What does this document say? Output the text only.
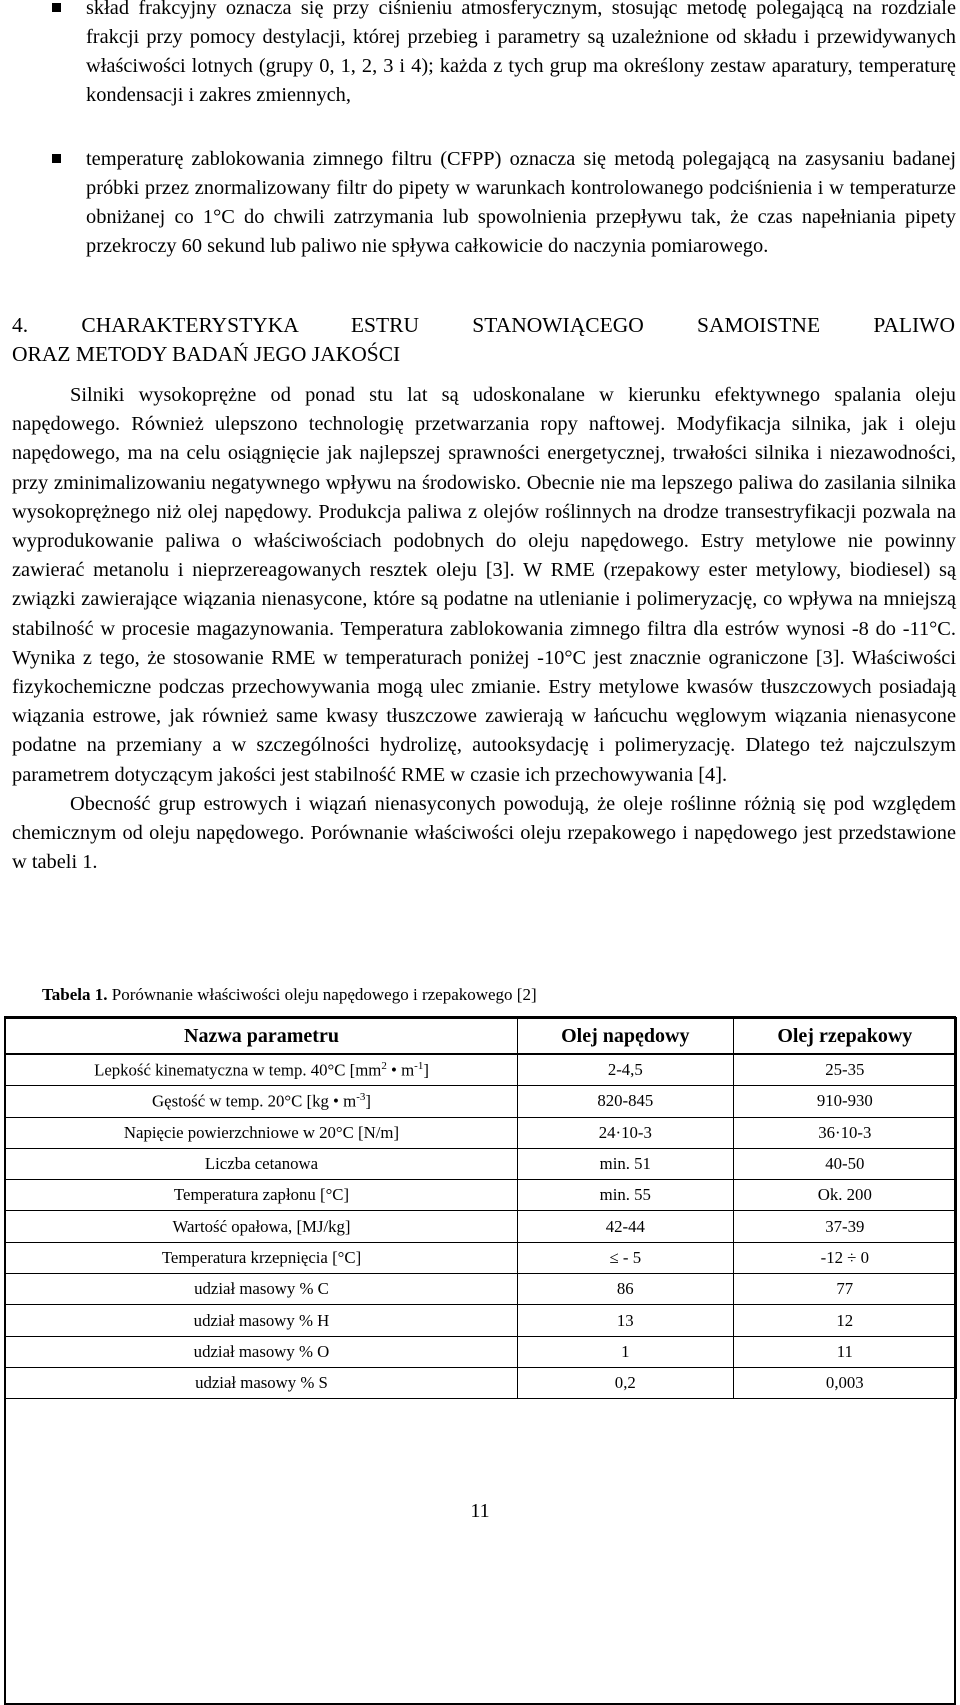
skład frakcyjny oznacza się przy ciśnieniu atmosferycznym, stosując metodę polegającą na rozdziale frakcji przy pomocy destylacji, której przebieg i parametry są uzależnione od składu i przewidywanych właściwości lotnych (grupy 0, 1, 2, 3 i 4); każda z tych grup ma określony zestaw aparatury, temperaturę kondensacji i zakres zmiennych,
temperaturę zablokowania zimnego filtru (CFPP) oznacza się metodą polegającą na zasysaniu badanej próbki przez znormalizowany filtr do pipety w warunkach kontrolowanego podciśnienia i w temperaturze obniżanej co 1°C do chwili zatrzymania lub spowolnienia przepływu tak, że czas napełniania pipety przekroczy 60 sekund lub paliwo nie spływa całkowicie do naczynia pomiarowego.
4. CHARAKTERYSTYKA ESTRU STANOWIĄCEGO SAMOISTNE PALIWO
ORAZ METODY BADAŃ JEGO JAKOŚCI

Silniki wysokoprężne od ponad stu lat są udoskonalane w kierunku efektywnego spalania oleju napędowego. Również ulepszono technologię przetwarzania ropy naftowej. Modyfikacja silnika, jak i oleju napędowego, ma na celu osiągnięcie jak najlepszej sprawności energetycznej, trwałości silnika i niezawodności, przy zminimalizowaniu negatywnego wpływu na środowisko. Obecnie nie ma lepszego paliwa do zasilania silnika wysokoprężnego niż olej napędowy. Produkcja paliwa z olejów roślinnych na drodze transestryfikacji pozwala na wyprodukowanie paliwa o właściwościach podobnych do oleju napędowego. Estry metylowe nie powinny zawierać metanolu i nieprzereagowanych resztek oleju [3]. W RME (rzepakowy ester metylowy, biodiesel) są związki zawierające wiązania nienasycone, które są podatne na utlenianie i polimeryzację, co wpływa na mniejszą stabilność w procesie magazynowania. Temperatura zablokowania zimnego filtra dla estrów wynosi -8 do -11°C. Wynika z tego, że stosowanie RME w temperaturach poniżej -10°C jest znacznie ograniczone [3]. Właściwości fizykochemiczne podczas przechowywania mogą ulec zmianie. Estry metylowe kwasów tłuszczowych posiadają wiązania estrowe, jak również same kwasy tłuszczowe zawierają w łańcuchu węglowym wiązania nienasycone podatne na przemiany a w szczególności hydrolizę, autooksydację i polimeryzację. Dlatego też najczulszym parametrem dotyczącym jakości jest stabilność RME w czasie ich przechowywania [4].

Obecność grup estrowych i wiązań nienasyconych powodują, że oleje roślinne różnią się pod względem chemicznym od oleju napędowego. Porównanie właściwości oleju rzepakowego i napędowego jest przedstawione w tabeli 1.

Tabela 1. Porównanie właściwości oleju napędowego i rzepakowego [2]
Nazwa parametru	Olej napędowy	Olej rzepakowy
Lepkość kinematyczna w temp. 40°C [$mm^2$ • $m^{-1}$]	2-4,5	25-35
Gęstość w temp. 20°C [kg • $m^{-3}$]	820-845	910-930
Napięcie powierzchniowe w 20°C [N/m]	24·10-3	36·10-3
Liczba cetanowa	min. 51	40-50
Temperatura zapłonu [°C]	min. 55	Ok. 200
Wartość opałowa, [MJ/kg]	42-44	37-39
Temperatura krzepnięcia [°C]	≤ - 5	-12 ÷ 0
udział masowy % C	86	77
udział masowy % H	13	12
udział masowy % O	1	11
udział masowy % S	0,2	0,003
11
